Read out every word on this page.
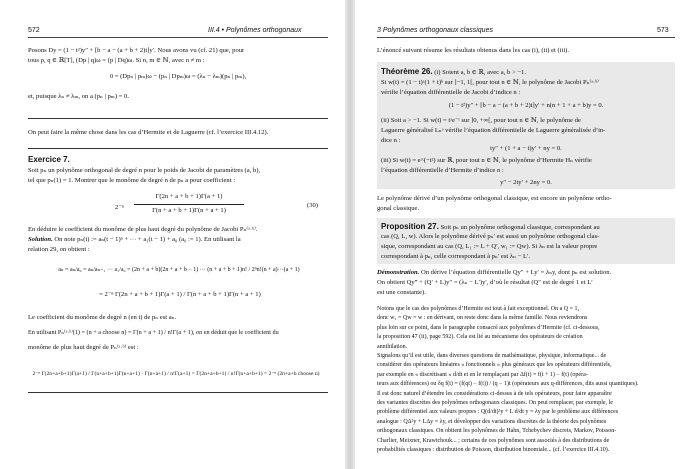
572	III.4 • Polynômes orthogonaux
Posons Dy = (1 − t²)y″ + [b − a − (a + b + 2)t]y′. Nous avons vu (cf. 21) que, pour
tous p, q ∈ ℝ[T], (Dp | q)ω = (p | Dq)ω. Si n, m ∈ ℕ, avec n ≠ m :
0 = (Dpₙ | pₘ)ω − (pₙ | Dpₘ)ω = (λₙ − λₘ)(pₙ | pₘ),
et, puisque λₙ ≠ λₘ, on a (pₙ | pₘ) = 0.
On peut faire la même chose dans les cas d’Hermite et de Laguerre (cf. l’exercice III.4.12).
Exercice 7.
Soit pₙ un polynôme orthogonal de degré n pour le poids de Jacobi de paramètres (a, b),
tel que pₙ(1) = 1. Montrer que le monôme de degré n de pₙ a pour coefficient :
2⁻ⁿ
Γ(2n + a + b + 1)Γ(a + 1)
Γ(n + a + b + 1)Γ(n + a + 1)
(30)
En déduire le coefficient du monôme de plus haut degré du polynôme de Jacobi Pₙ⁽ᵃ·ᵇ⁾.
Solution. On note pₙ(t) := aₙ(t − 1)ⁿ + ··· + a₁(t − 1) + a₀ (a₀ := 1). En utilisant la
relation 29, on obtient :
aₙ = aₙ/a₀ = aₙ/aₙ₋₁ ··· a₁/a₀ = (2n + a + b)(2n + a + b − 1) ··· (n + a + b + 1)n! / 2ⁿn!(n + a)···(a + 1)
= 2⁻ⁿ Γ(2n + a + b + 1)Γ(a + 1) / Γ(n + a + b + 1)Γ(n + a + 1)
Le coefficient du monôme de degré n (en t) de pₙ est aₙ.
En utilisant Pₙ⁽ᵃ·ᵇ⁾(1) = (n + a choose n) = Γ(n + a + 1) / n!Γ(a + 1), on en déduit que le coefficient du
monôme de plus haut degré de Pₙ⁽ᵃ·ᵇ⁾ est :
2⁻ⁿ Γ(2n+a+b+1)Γ(a+1) / Γ(n+a+b+1)Γ(n+a+1) · Γ(n+a+1) / n!Γ(a+1) = Γ(2n+a+b+1) / n!Γ(n+a+b+1) = 2⁻ⁿ (2n+a+b choose n)
3 Polynômes orthogonaux classiques	573
L’énoncé suivant résume les résultats obtenus dans les cas (i), (ii) et (iii).
Théorème 26. (i) Soient a, b ∈ ℝ, avec a, b > −1.
Si w(t) = (1 − t)ᵃ(1 + t)ᵇ sur ]−1, 1[, pour tout n ∈ ℕ, le polynôme de Jacobi Pₙ⁽ᵃ·ᵇ⁾
vérifie l’équation différentielle de Jacobi d’indice n :
(1 − t²)y″ + [b − a − (a + b + 2)t]y′ + n(n + 1 + a + b)y = 0.
(ii) Soit a > −1. Si w(t) = tᵃe⁻ᵗ sur ]0, +∞[, pour tout n ∈ ℕ, le polynôme de
Laguerre généralisé Lₙᵃ vérifie l’équation différentielle de Laguerre généralisée d’in-
dice n :
ty″ + (1 + a − t)y′ + ny = 0.
(iii) Si w(t) = e^(−t²) sur ℝ, pour tout n ∈ ℕ, le polynôme d’Hermite Hₙ vérifie
l’équation différentielle d’Hermite d’indice n :
y″ − 2ty′ + 2ny = 0.
Le polynôme dérivé d’un polynôme orthogonal classique, est encore un polynôme ortho-
gonal classique.
Proposition 27. Soit pₙ un polynôme orthogonal classique, correspondant au
cas (Q, L, w). Alors le polynôme dérivé pₙ′ est aussi un polynôme orthogonal clas-
sique, correspondant au cas (Q, L₁ := L + Q′, w₁ := Qw). Si λₙ est la valeur propre
correspondant à pₙ, celle correspondant à pₙ′ est λₙ − L′.
Démonstration. On dérive l’équation différentielle Qy″ + Ly′ = λₙy, dont pₙ est solution.
On obtient Qy‴ + (Q′ + L)y″ = (λₙ − L′)y′, d’où le résultat (Q″ est de degré 1 et L′
est une constante).
Notons que le cas des polynômes d’Hermite est tout à fait exceptionnel. On a Q = 1,
donc w₁ = Qw = w : en dérivant, on reste donc dans la même famille. Nous reviendrons
plus loin sur ce point, dans le paragraphe consacré aux polynômes d’Hermite (cf. ci-dessous,
la proposition 47 (ii), page 592). Cela est lié au mécanisme des opérateurs de création
annihilation.
Signalons qu’il est utile, dans diverses questions de mathématique, physique, informatique... de
considérer des opérateurs linéaires « fonctionnels » plus généraux que les opérateurs différentiels,
par exemple en « discrétisant » d/dt et en le remplaçant par Δf(t) = f(t + 1) − f(t) (opéra-
teurs aux différences) ou δq f(t) = (f(qt) − f(t)) / (q − 1)t (opérateurs aux q-différences, dits aussi quantiques).
Il est donc naturel d’étendre les considérations ci-dessus à de tels opérateurs, pour faire apparaître
des variantes discrètes des polynômes orthogonaux classiques. On peut remplacer, par exemple, le
problème différentiel aux valeurs propres : Q(d/dt)²y + L d/dt y = λy par le problème aux différences
analogue : QΔ²y + LΔy = λy, et développer des variations discrètes de la théorie des polynômes
orthogonaux classiques. On obtient les polynômes de Hahn, Tchebychev discrets, Markov, Poisson-
Charlier, Meixner, Krawtchouk... ; certains de ces polynômes sont associés à des distributions de
probabilités classiques : distribution de Poisson, distribution binomiale... (cf. l’exercice III.4.10).
